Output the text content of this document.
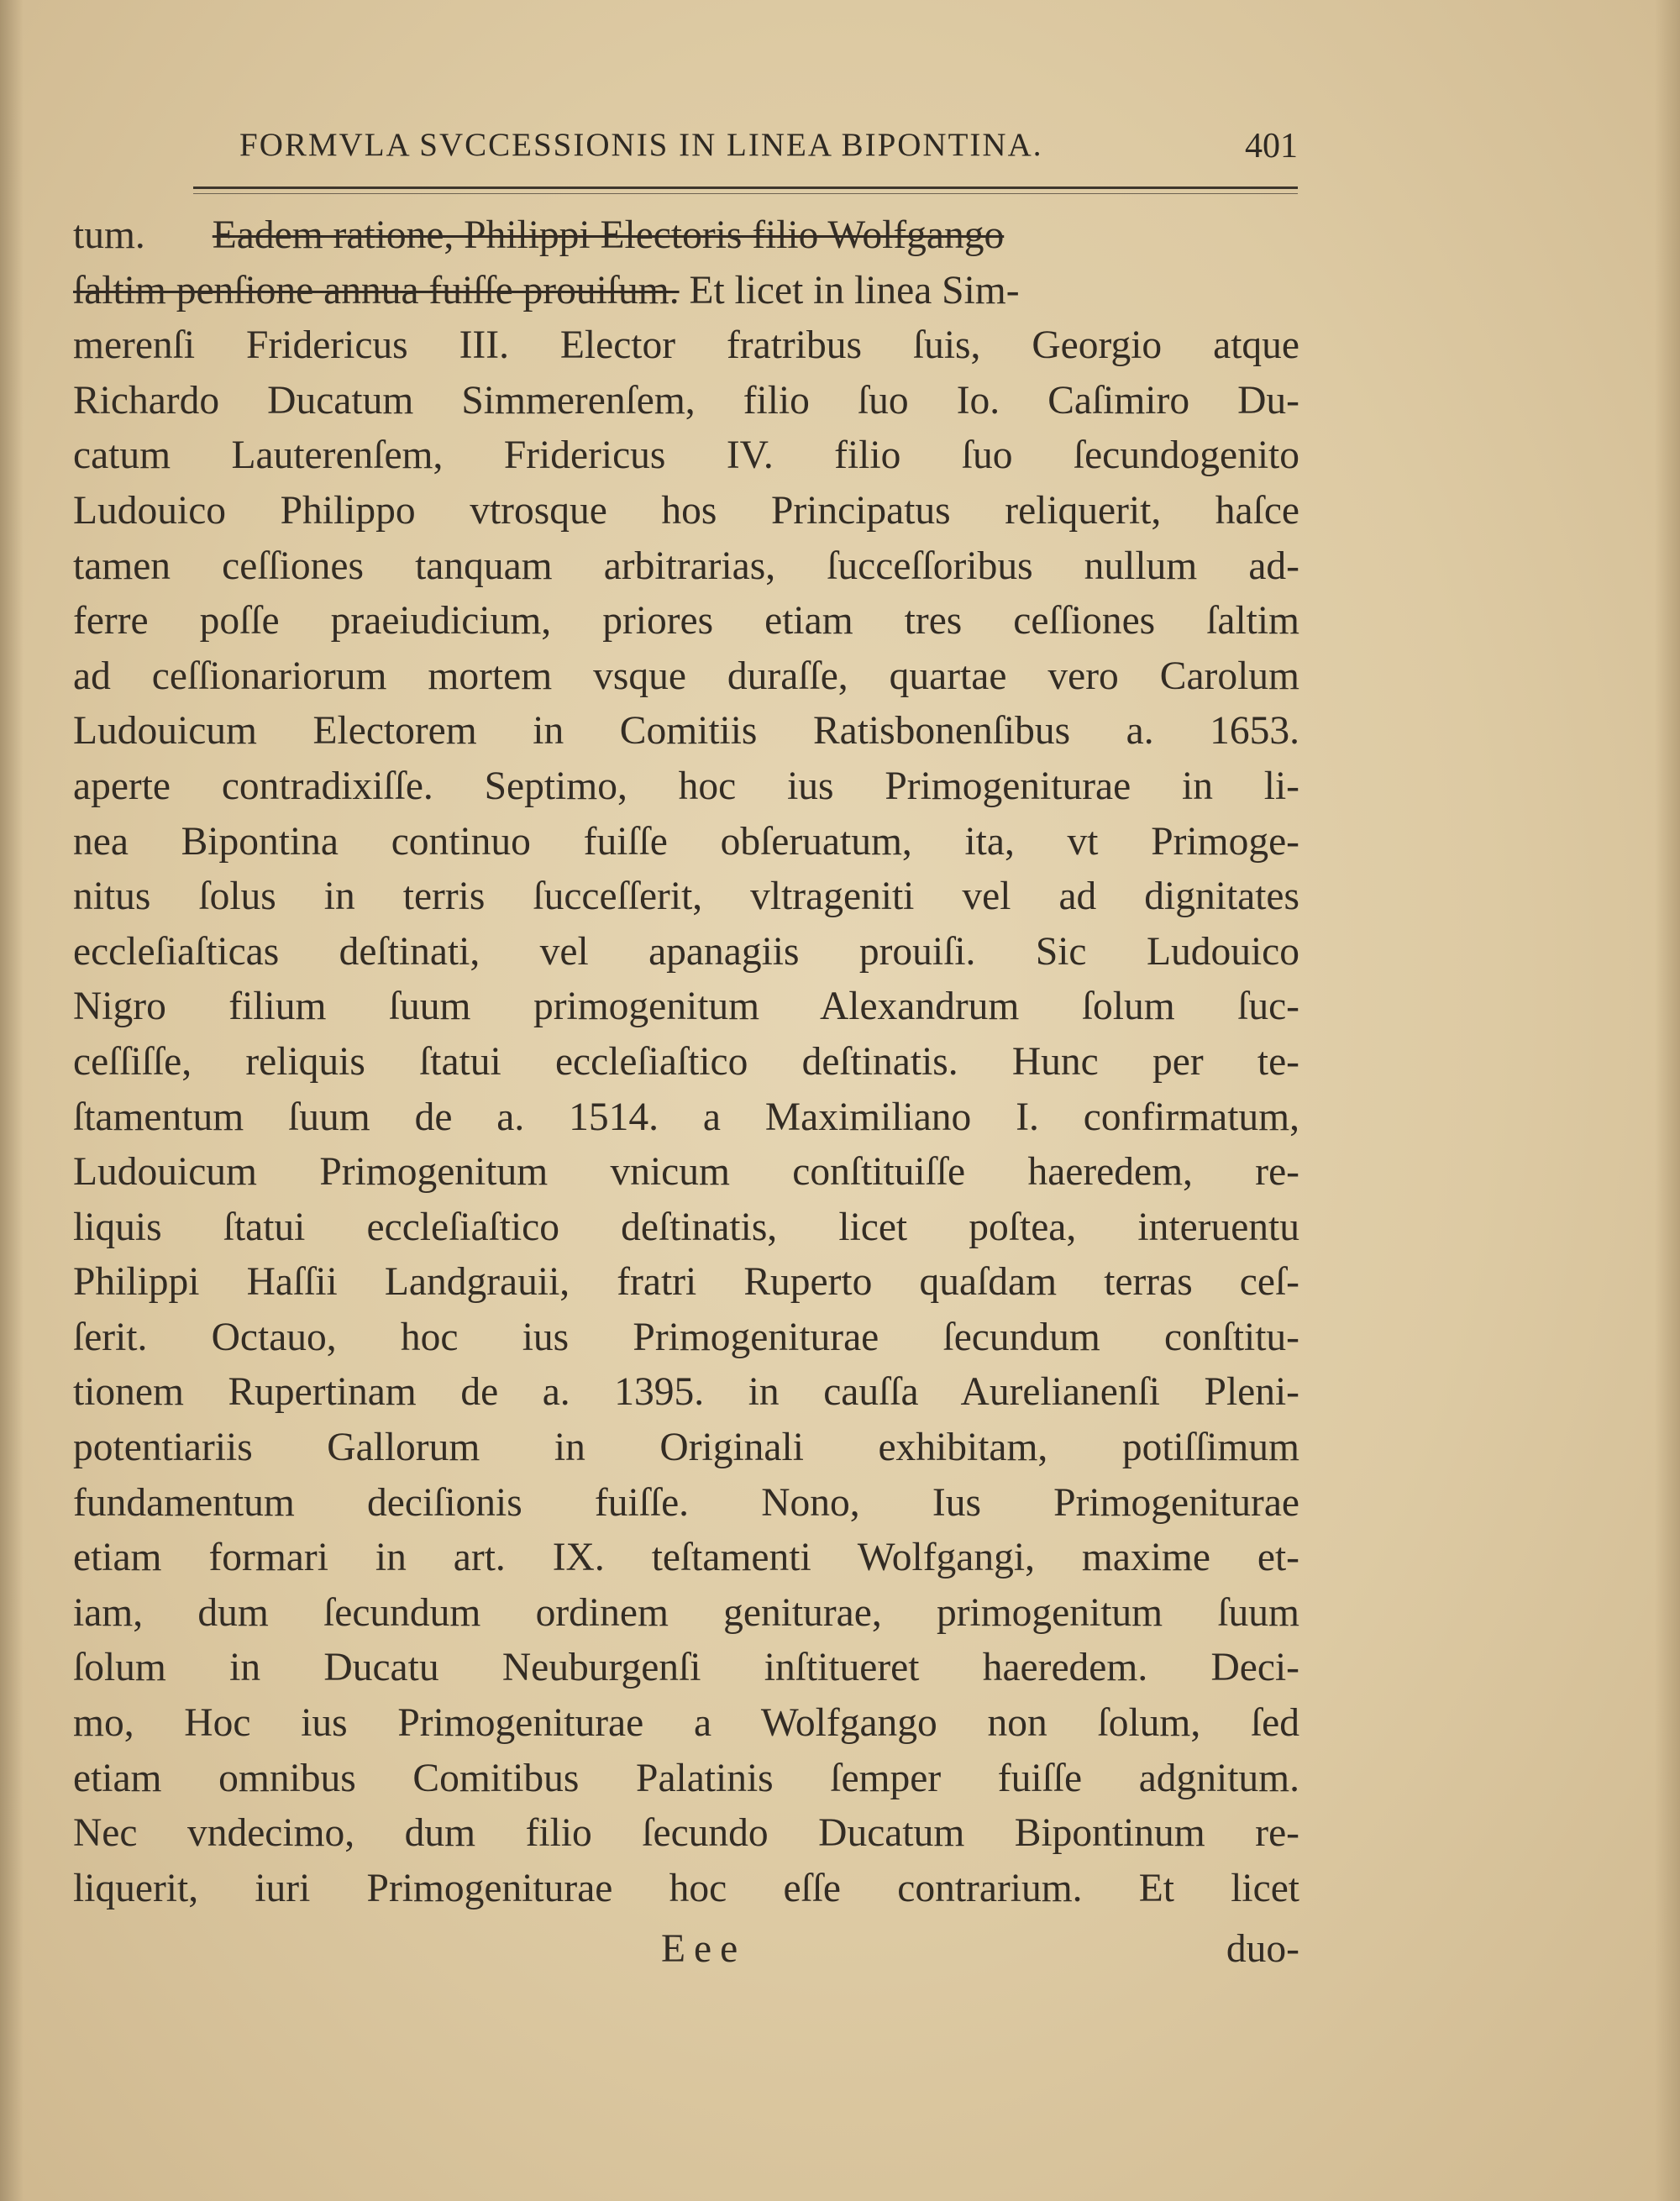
FORMVLA SVCCESSIONIS IN LINEA BIPONTINA.	401
tum. Eadem ratione, Philippi Electoris filio Wolfgango
ſaltim penſione annua fuiſſe prouiſum. Et licet in linea Sim-
merenſi Fridericus III. Elector fratribus ſuis, Georgio atque
Richardo Ducatum Simmerenſem, filio ſuo Io. Caſimiro Du-
catum Lauterenſem, Fridericus IV. filio ſuo ſecundogenito
Ludouico Philippo vtrosque hos Principatus reliquerit, haſce
tamen ceſſiones tanquam arbitrarias, ſucceſſoribus nullum ad-
ferre poſſe praeiudicium, priores etiam tres ceſſiones ſaltim
ad ceſſionariorum mortem vsque duraſſe, quartae vero Carolum
Ludouicum Electorem in Comitiis Ratisbonenſibus a. 1653.
aperte contradixiſſe. Septimo, hoc ius Primogeniturae in li-
nea Bipontina continuo fuiſſe obſeruatum, ita, vt Primoge-
nitus ſolus in terris ſucceſſerit, vltrageniti vel ad dignitates
eccleſiaſticas deſtinati, vel apanagiis prouiſi. Sic Ludouico
Nigro filium ſuum primogenitum Alexandrum ſolum ſuc-
ceſſiſſe, reliquis ſtatui eccleſiaſtico deſtinatis. Hunc per te-
ſtamentum ſuum de a. 1514. a Maximiliano I. confirmatum,
Ludouicum Primogenitum vnicum conſtituiſſe haeredem, re-
liquis ſtatui eccleſiaſtico deſtinatis, licet poſtea, interuentu
Philippi Haſſii Landgrauii, fratri Ruperto quaſdam terras ceſ-
ſerit. Octauo, hoc ius Primogeniturae ſecundum conſtitu-
tionem Rupertinam de a. 1395. in cauſſa Aurelianenſi Pleni-
potentiariis Gallorum in Originali exhibitam, potiſſimum
fundamentum deciſionis fuiſſe. Nono, Ius Primogeniturae
etiam formari in art. IX. teſtamenti Wolfgangi, maxime et-
iam, dum ſecundum ordinem geniturae, primogenitum ſuum
ſolum in Ducatu Neuburgenſi inſtitueret haeredem. Deci-
mo, Hoc ius Primogeniturae a Wolfgango non ſolum, ſed
etiam omnibus Comitibus Palatinis ſemper fuiſſe adgnitum.
Nec vndecimo, dum filio ſecundo Ducatum Bipontinum re-
liquerit, iuri Primogeniturae hoc eſſe contrarium. Et licet
Eee	duo-
